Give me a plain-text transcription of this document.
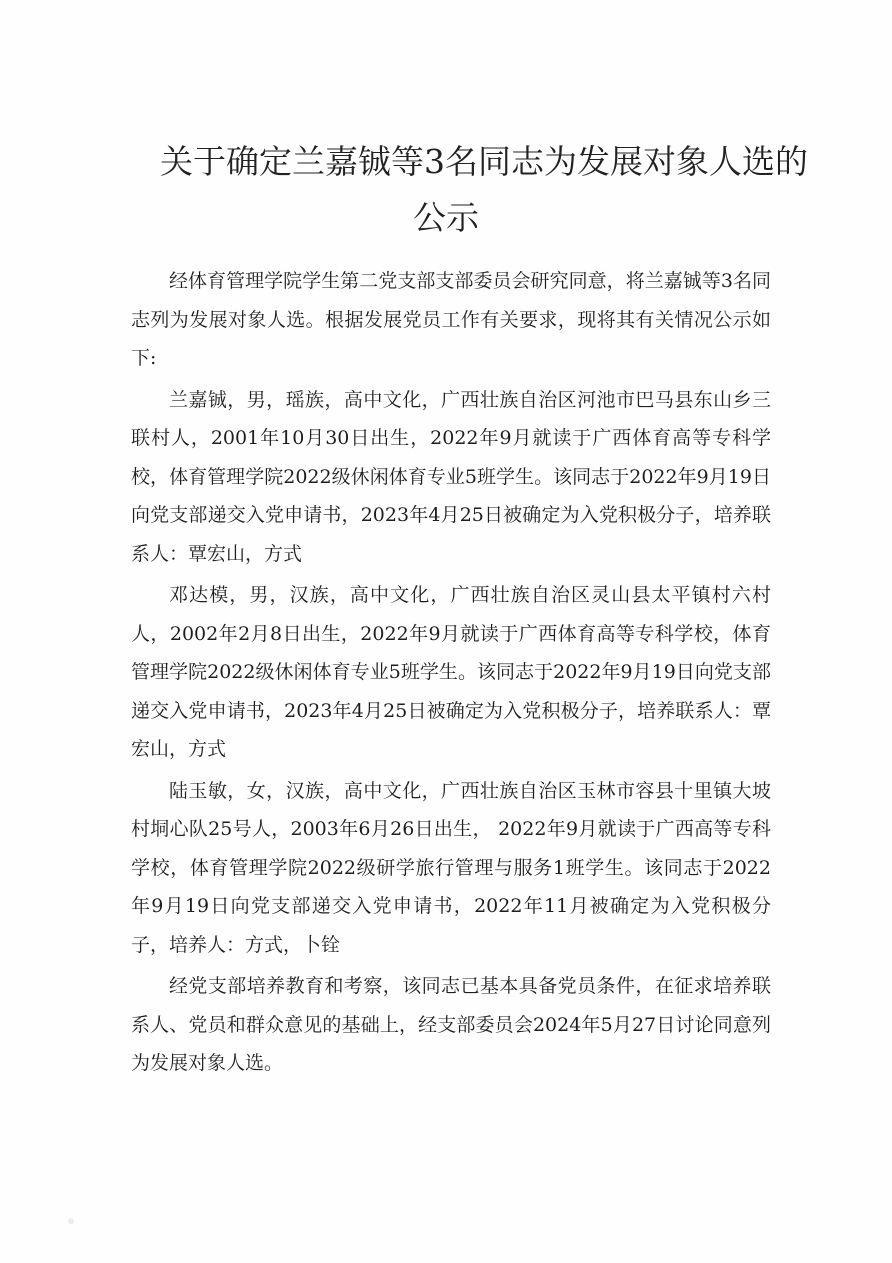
关于确定兰嘉铖等3名同志为发展对象人选的
公示

经体育管理学院学生第二党支部支部委员会研究同意，将兰嘉铖等3名同志列为发展对象人选。根据发展党员工作有关要求，现将其有关情况公示如下:

兰嘉铖，男，瑶族，高中文化，广西壮族自治区河池市巴马县东山乡三联村人，2001年10月30日出生，2022年9月就读于广西体育高等专科学校，体育管理学院2022级休闲体育专业5班学生。该同志于2022年9月19日向党支部递交入党申请书，2023年4月25日被确定为入党积极分子，培养联系人：覃宏山，方式

邓达模，男，汉族，高中文化，广西壮族自治区灵山县太平镇村六村人，2002年2月8日出生，2022年9月就读于广西体育高等专科学校，体育管理学院2022级休闲体育专业5班学生。该同志于2022年9月19日向党支部递交入党申请书，2023年4月25日被确定为入党积极分子，培养联系人：覃宏山，方式

陆玉敏，女，汉族，高中文化，广西壮族自治区玉林市容县十里镇大坡村垌心队25号人，2003年6月26日出生， 2022年9月就读于广西高等专科学校，体育管理学院2022级研学旅行管理与服务1班学生。该同志于2022年9月19日向党支部递交入党申请书，2022年11月被确定为入党积极分子，培养人：方式，卜铨

经党支部培养教育和考察，该同志已基本具备党员条件，在征求培养联系人、党员和群众意见的基础上，经支部委员会2024年5月27日讨论同意列为发展对象人选。
